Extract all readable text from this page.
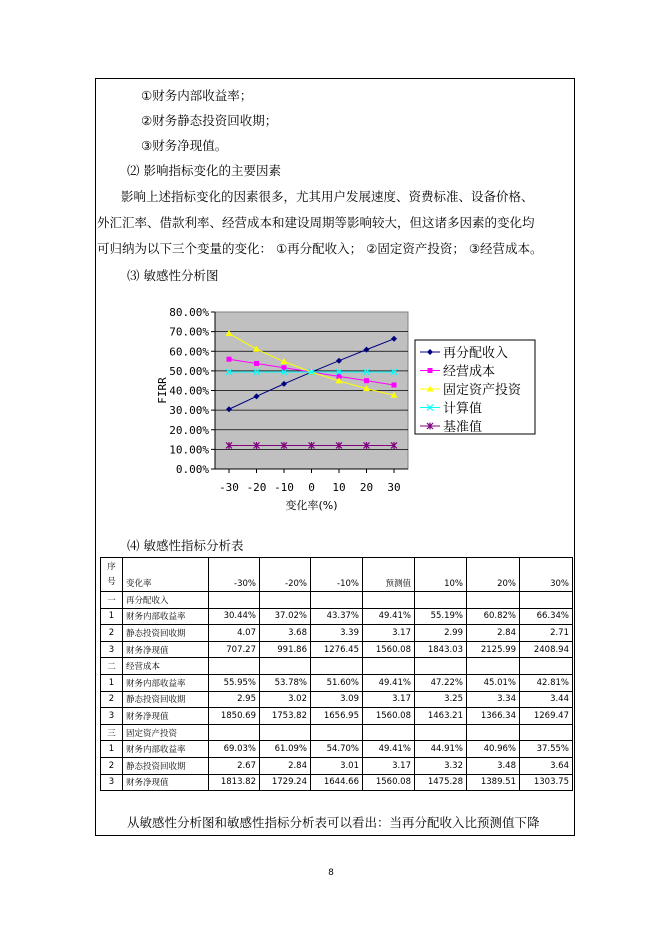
①财务内部收益率；
②财务静态投资回收期；
③财务净现值。
⑵ 影响指标变化的主要因素
影响上述指标变化的因素很多，尤其用户发展速度、资费标准、设备价格、
外汇汇率、借款利率、经营成本和建设周期等影响较大，但这诸多因素的变化均
可归纳为以下三个变量的变化： ①再分配收入； ②固定资产投资； ③经营成本。
⑶ 敏感性分析图
0.00%
10.00%
20.00%
30.00%
40.00%
50.00%
60.00%
70.00%
80.00%
-30 -20 -10 0 10 20 30
变化率(%)
FIRR
再分配收入
经营成本
固定资产投资
计算值
基准值
⑷ 敏感性指标分析表
序
号	变化率	-30%	-20%	-10%	预测值	10%	20%	30%
一	再分配收入							
1	财务内部收益率	30.44%	37.02%	43.37%	49.41%	55.19%	60.82%	66.34%
2	静态投资回收期	4.07	3.68	3.39	3.17	2.99	2.84	2.71
3	财务净现值	707.27	991.86	1276.45	1560.08	1843.03	2125.99	2408.94
二	经营成本							
1	财务内部收益率	55.95%	53.78%	51.60%	49.41%	47.22%	45.01%	42.81%
2	静态投资回收期	2.95	3.02	3.09	3.17	3.25	3.34	3.44
3	财务净现值	1850.69	1753.82	1656.95	1560.08	1463.21	1366.34	1269.47
三	固定资产投资							
1	财务内部收益率	69.03%	61.09%	54.70%	49.41%	44.91%	40.96%	37.55%
2	静态投资回收期	2.67	2.84	3.01	3.17	3.32	3.48	3.64
3	财务净现值	1813.82	1729.24	1644.66	1560.08	1475.28	1389.51	1303.75
从敏感性分析图和敏感性指标分析表可以看出：当再分配收入比预测值下降
8
